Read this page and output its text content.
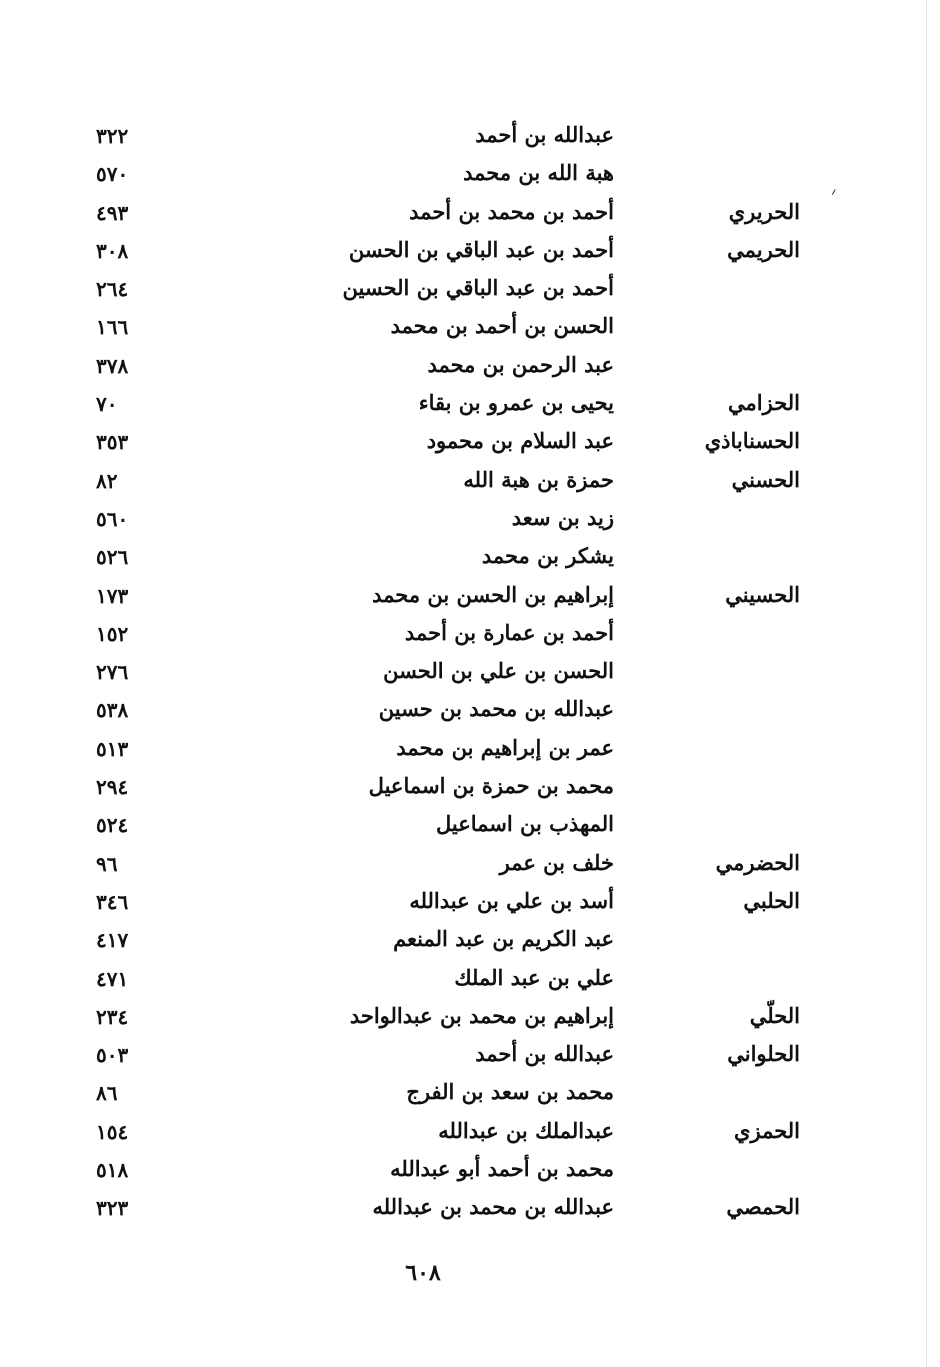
عبدالله بن أحمد
٣٢٢
هبة الله بن محمد
٥٧٠
الحريري
أحمد بن محمد بن أحمد
٤٩٣
الحريمي
أحمد بن عبد الباقي بن الحسن
٣٠٨
أحمد بن عبد الباقي بن الحسين
٢٦٤
الحسن بن أحمد بن محمد
١٦٦
عبد الرحمن بن محمد
٣٧٨
الحزامي
يحيى بن عمرو بن بقاء
٧٠
الحسناباذي
عبد السلام بن محمود
٣٥٣
الحسني
حمزة بن هبة الله
٨٢
زيد بن سعد
٥٦٠
يشكر بن محمد
٥٢٦
الحسيني
إبراهيم بن الحسن بن محمد
١٧٣
أحمد بن عمارة بن أحمد
١٥٢
الحسن بن علي بن الحسن
٢٧٦
عبدالله بن محمد بن حسين
٥٣٨
عمر بن إبراهيم بن محمد
٥١٣
محمد بن حمزة بن اسماعيل
٢٩٤
المهذب بن اسماعيل
٥٢٤
الحضرمي
خلف بن عمر
٩٦
الحلبي
أسد بن علي بن عبدالله
٣٤٦
عبد الكريم بن عبد المنعم
٤١٧
علي بن عبد الملك
٤٧١
الحلّي
إبراهيم بن محمد بن عبدالواحد
٢٣٤
الحلواني
عبدالله بن أحمد
٥٠٣
محمد بن سعد بن الفرج
٨٦
الحمزي
عبدالملك بن عبدالله
١٥٤
محمد بن أحمد أبو عبدالله
٥١٨
الحمصي
عبدالله بن محمد بن عبدالله
٣٢٣
٦٠٨
